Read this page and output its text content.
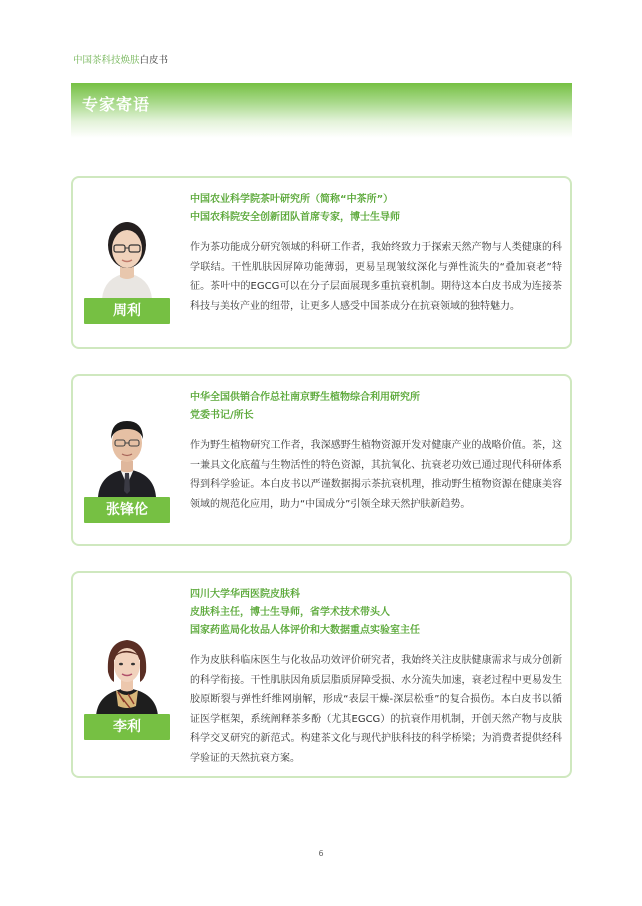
中国茶科技焕肤白皮书
专家寄语
周利
中国农业科学院茶叶研究所（简称“中茶所”）
中国农科院安全创新团队首席专家，博士生导师
作为茶功能成分研究领域的科研工作者，我始终致力于探索天然产物与人类健康的科学联结。干性肌肤因屏障功能薄弱，更易呈现皱纹深化与弹性流失的“叠加衰老”特征。茶叶中的EGCG可以在分子层面展现多重抗衰机制。期待这本白皮书成为连接茶科技与美妆产业的纽带，让更多人感受中国茶成分在抗衰领域的独特魅力。
张锋伦
中华全国供销合作总社南京野生植物综合利用研究所
党委书记/所长
作为野生植物研究工作者，我深感野生植物资源开发对健康产业的战略价值。茶，这一兼具文化底蕴与生物活性的特色资源，其抗氧化、抗衰老功效已通过现代科研体系得到科学验证。本白皮书以严谨数据揭示茶抗衰机理，推动野生植物资源在健康美容领域的规范化应用，助力“中国成分”引领全球天然护肤新趋势。
李利
四川大学华西医院皮肤科
皮肤科主任，博士生导师，省学术技术带头人
国家药监局化妆品人体评价和大数据重点实验室主任
作为皮肤科临床医生与化妆品功效评价研究者，我始终关注皮肤健康需求与成分创新的科学衔接。干性肌肤因角质层脂质屏障受损、水分流失加速，衰老过程中更易发生胶原断裂与弹性纤维网崩解，形成“表层干燥-深层松垂”的复合损伤。本白皮书以循证医学框架，系统阐释茶多酚（尤其EGCG）的抗衰作用机制，开创天然产物与皮肤科学交叉研究的新范式。构建茶文化与现代护肤科技的科学桥梁；为消费者提供经科学验证的天然抗衰方案。
6
